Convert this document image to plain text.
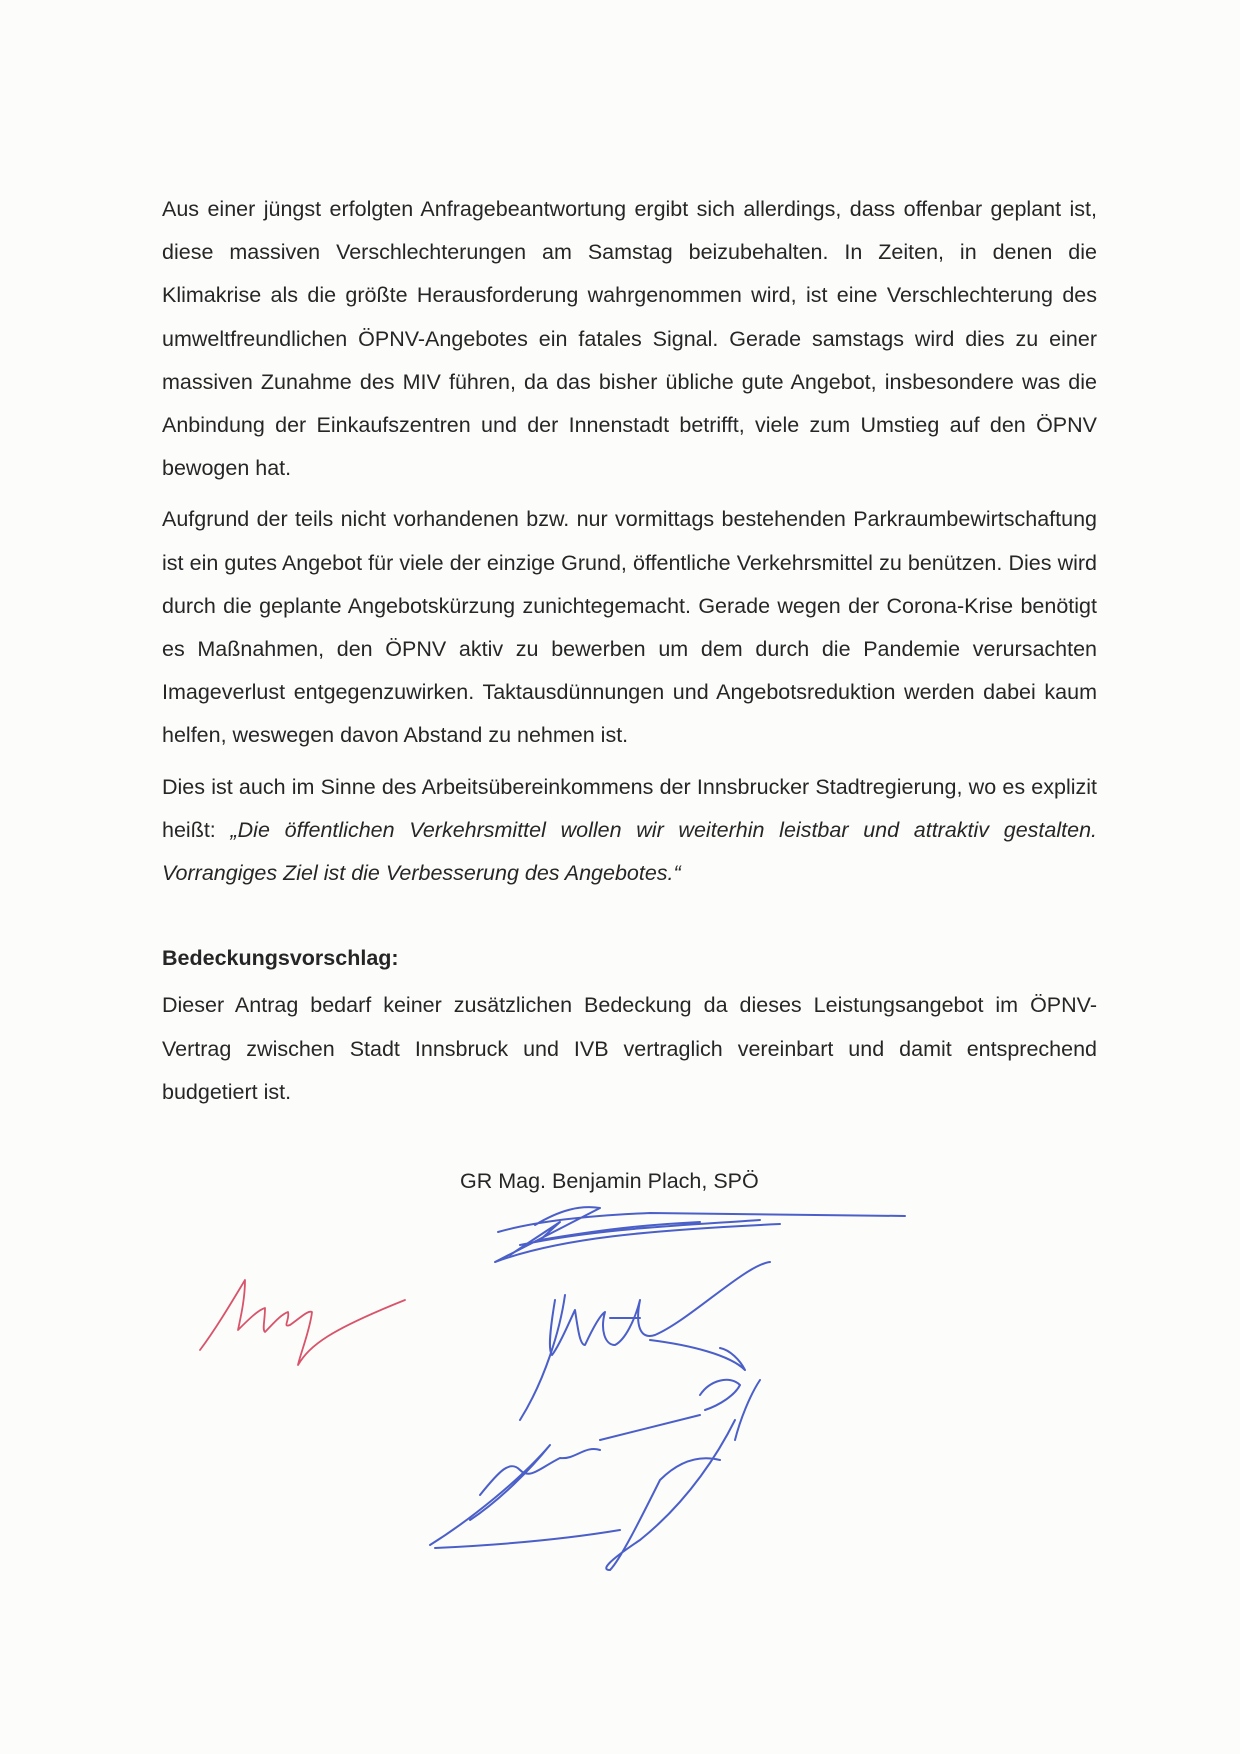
Aus einer jüngst erfolgten Anfragebeantwortung ergibt sich allerdings, dass offenbar geplant ist, diese massiven Verschlechterungen am Samstag beizubehalten. In Zeiten, in denen die Klimakrise als die größte Herausforderung wahrgenommen wird, ist eine Verschlechterung des umweltfreundlichen ÖPNV-Angebotes ein fatales Signal. Gerade samstags wird dies zu einer massiven Zunahme des MIV führen, da das bisher übliche gute Angebot, insbesondere was die Anbindung der Einkaufszentren und der Innenstadt betrifft, viele zum Umstieg auf den ÖPNV bewogen hat.

Aufgrund der teils nicht vorhandenen bzw. nur vormittags bestehenden Parkraumbewirtschaftung ist ein gutes Angebot für viele der einzige Grund, öffentliche Verkehrsmittel zu benützen. Dies wird durch die geplante Angebotskürzung zunichtegemacht. Gerade wegen der Corona-Krise benötigt es Maßnahmen, den ÖPNV aktiv zu bewerben um dem durch die Pandemie verursachten Imageverlust entgegenzuwirken. Taktausdünnungen und Angebotsreduktion werden dabei kaum helfen, weswegen davon Abstand zu nehmen ist.

Dies ist auch im Sinne des Arbeitsübereinkommens der Innsbrucker Stadtregierung, wo es explizit heißt: „Die öffentlichen Verkehrsmittel wollen wir weiterhin leistbar und attraktiv gestalten. Vorrangiges Ziel ist die Verbesserung des Angebotes.“

Bedeckungsvorschlag:

Dieser Antrag bedarf keiner zusätzlichen Bedeckung da dieses Leistungsangebot im ÖPNV-Vertrag zwischen Stadt Innsbruck und IVB vertraglich vereinbart und damit entsprechend budgetiert ist.

GR Mag. Benjamin Plach, SPÖ
